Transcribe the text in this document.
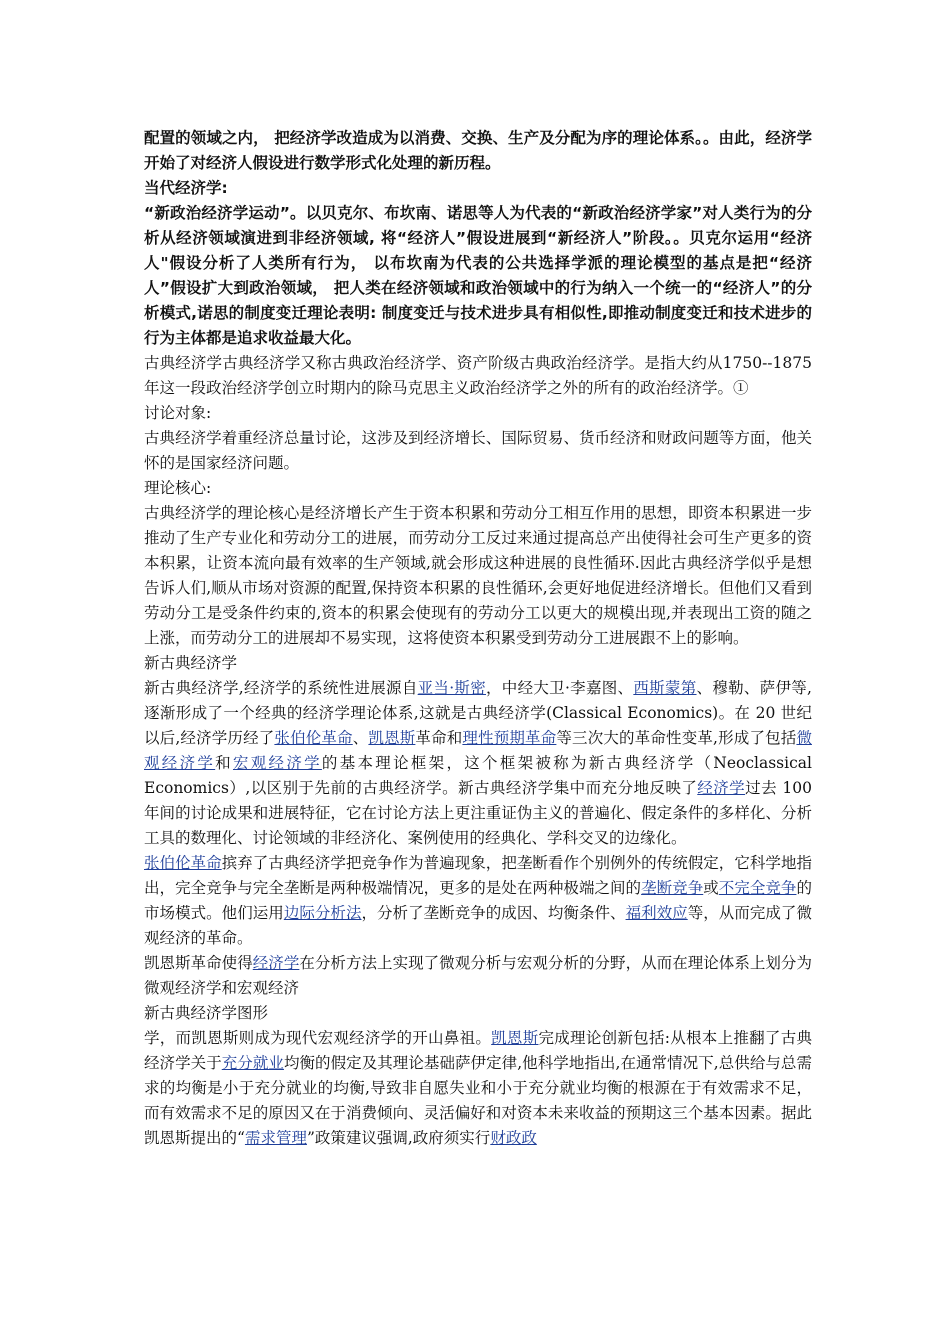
配置的领域之内， 把经济学改造成为以消费、交换、生产及分配为序的理论体系。。由此，经济学开始了对经济人假设进行数学形式化处理的新历程。

当代经济学:

“新政治经济学运动”。以贝克尔、布坎南、诺思等人为代表的“新政治经济学家”对人类行为的分析从经济领域演进到非经济领域, 将“经济人”假设进展到“新经济人”阶段。。贝克尔运用“经济人"假设分析了人类所有行为， 以布坎南为代表的公共选择学派的理论模型的基点是把“经济人”假设扩大到政治领域， 把人类在经济领域和政治领域中的行为纳入一个统一的“经济人”的分析模式,诺思的制度变迁理论表明: 制度变迁与技术进步具有相似性,即推动制度变迁和技术进步的行为主体都是追求收益最大化。

古典经济学古典经济学又称古典政治经济学、资产阶级古典政治经济学。是指大约从1750--1875 年这一段政治经济学创立时期内的除马克思主义政治经济学之外的所有的政治经济学。①

讨论对象:

古典经济学着重经济总量讨论，这涉及到经济增长、国际贸易、货币经济和财政问题等方面，他关怀的是国家经济问题。

理论核心:

古典经济学的理论核心是经济增长产生于资本积累和劳动分工相互作用的思想，即资本积累进一步推动了生产专业化和劳动分工的进展，而劳动分工反过来通过提高总产出使得社会可生产更多的资本积累，让资本流向最有效率的生产领域,就会形成这种进展的良性循环.因此古典经济学似乎是想告诉人们,顺从市场对资源的配置,保持资本积累的良性循环,会更好地促进经济增长。但他们又看到劳动分工是受条件约束的,资本的积累会使现有的劳动分工以更大的规模出现,并表现出工资的随之上涨，而劳动分工的进展却不易实现，这将使资本积累受到劳动分工进展跟不上的影响。

新古典经济学

新古典经济学,经济学的系统性进展源自亚当·斯密，中经大卫·李嘉图、西斯蒙第、穆勒、萨伊等,逐渐形成了一个经典的经济学理论体系,这就是古典经济学(Classical Economics)。在 20 世纪以后,经济学历经了张伯伦革命、凯恩斯革命和理性预期革命等三次大的革命性变革,形成了包括微观经济学和宏观经济学的基本理论框架，这个框架被称为新古典经济学（Neoclassical Economics）,以区别于先前的古典经济学。新古典经济学集中而充分地反映了经济学过去 100 年间的讨论成果和进展特征，它在讨论方法上更注重证伪主义的普遍化、假定条件的多样化、分析工具的数理化、讨论领域的非经济化、案例使用的经典化、学科交叉的边缘化。

张伯伦革命摈弃了古典经济学把竞争作为普遍现象，把垄断看作个别例外的传统假定，它科学地指出，完全竞争与完全垄断是两种极端情况，更多的是处在两种极端之间的垄断竞争或不完全竞争的市场模式。他们运用边际分析法，分析了垄断竞争的成因、均衡条件、福利效应等，从而完成了微观经济的革命。

凯恩斯革命使得经济学在分析方法上实现了微观分析与宏观分析的分野，从而在理论体系上划分为微观经济学和宏观经济

新古典经济学图形

学，而凯恩斯则成为现代宏观经济学的开山鼻祖。凯恩斯完成理论创新包括:从根本上推翻了古典经济学关于充分就业均衡的假定及其理论基础萨伊定律,他科学地指出,在通常情况下,总供给与总需求的均衡是小于充分就业的均衡,导致非自愿失业和小于充分就业均衡的根源在于有效需求不足，而有效需求不足的原因又在于消费倾向、灵活偏好和对资本未来收益的预期这三个基本因素。据此凯恩斯提出的“需求管理”政策建议强调,政府须实行财政政
